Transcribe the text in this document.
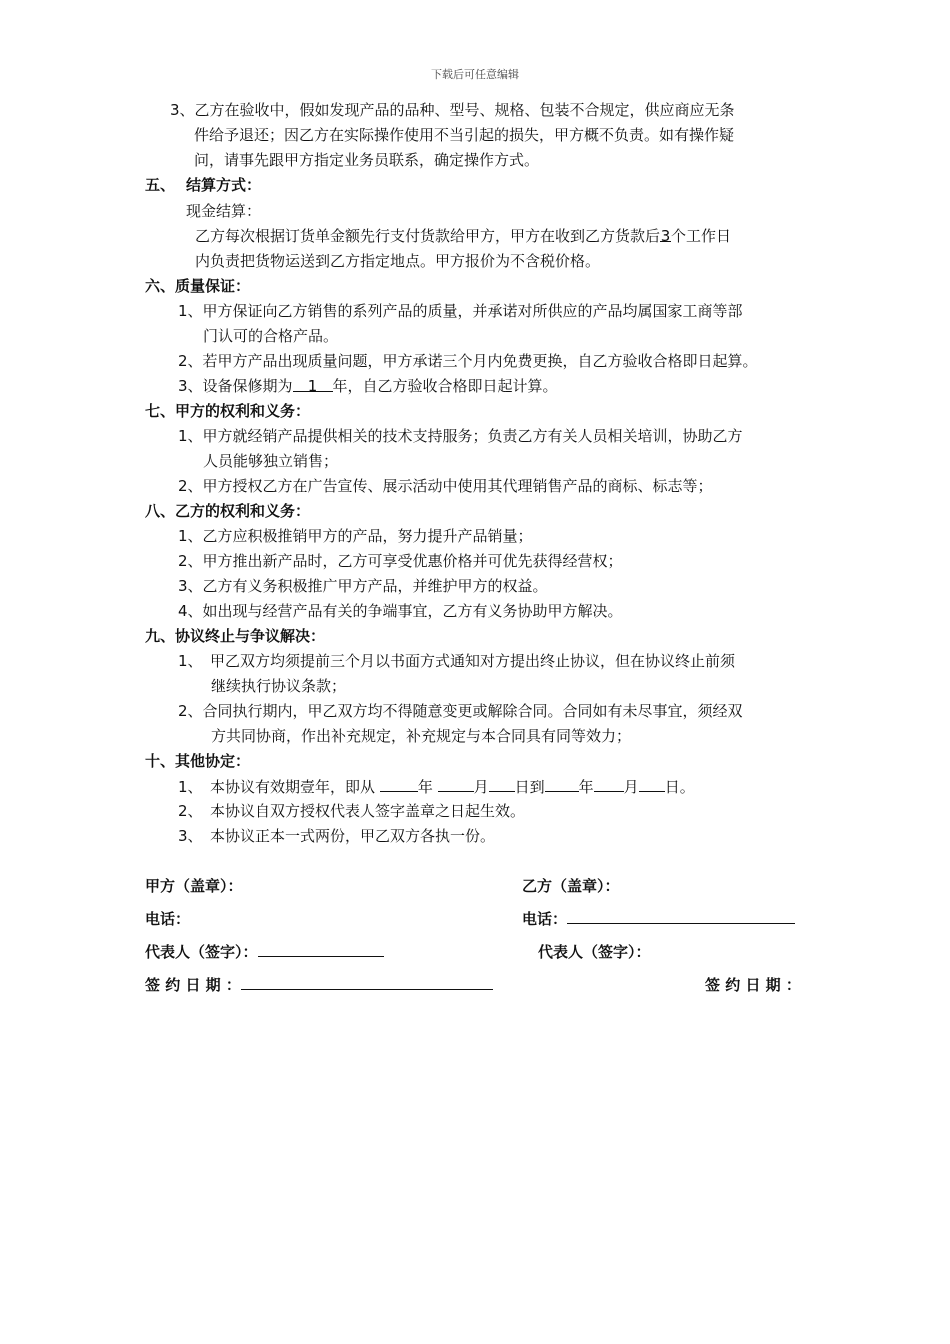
下载后可任意编辑
3、乙方在验收中，假如发现产品的品种、型号、规格、包装不合规定，供应商应无条
件给予退还；因乙方在实际操作使用不当引起的损失，甲方概不负责。如有操作疑
问，请事先跟甲方指定业务员联系，确定操作方式。
五、 结算方式：
现金结算：
乙方每次根据订货单金额先行支付货款给甲方，甲方在收到乙方货款后3个工作日
内负责把货物运送到乙方指定地点。甲方报价为不含税价格。
六、质量保证：
1、甲方保证向乙方销售的系列产品的质量，并承诺对所供应的产品均属国家工商等部
门认可的合格产品。
2、若甲方产品出现质量问题，甲方承诺三个月内免费更换，自乙方验收合格即日起算。
3、设备保修期为 1 年，自乙方验收合格即日起计算。
七、甲方的权利和义务：
1、甲方就经销产品提供相关的技术支持服务；负责乙方有关人员相关培训，协助乙方
人员能够独立销售；
2、甲方授权乙方在广告宣传、展示活动中使用其代理销售产品的商标、标志等；
八、乙方的权利和义务：
1、乙方应积极推销甲方的产品，努力提升产品销量；
2、甲方推出新产品时，乙方可享受优惠价格并可优先获得经营权；
3、乙方有义务积极推广甲方产品，并维护甲方的权益。
4、如出现与经营产品有关的争端事宜，乙方有义务协助甲方解决。
九、协议终止与争议解决：
1、　甲乙双方均须提前三个月以书面方式通知对方提出终止协议，但在协议终止前须
继续执行协议条款；
2、合同执行期内，甲乙双方均不得随意变更或解除合同。合同如有未尽事宜，须经双
方共同协商，作出补充规定，补充规定与本合同具有同等效力；
十、其他协定：
1、　本协议有效期壹年，即从	年	月 日到 年 月 日。
2、　本协议自双方授权代表人签字盖章之日起生效。
3、　本协议正本一式两份，甲乙双方各执一份。
甲方（盖章）：	乙方（盖章）：
电话：	电话：
代表人（签字）：	代表人（签字）：
签 约 日 期 ：	签 约 日 期 ：
